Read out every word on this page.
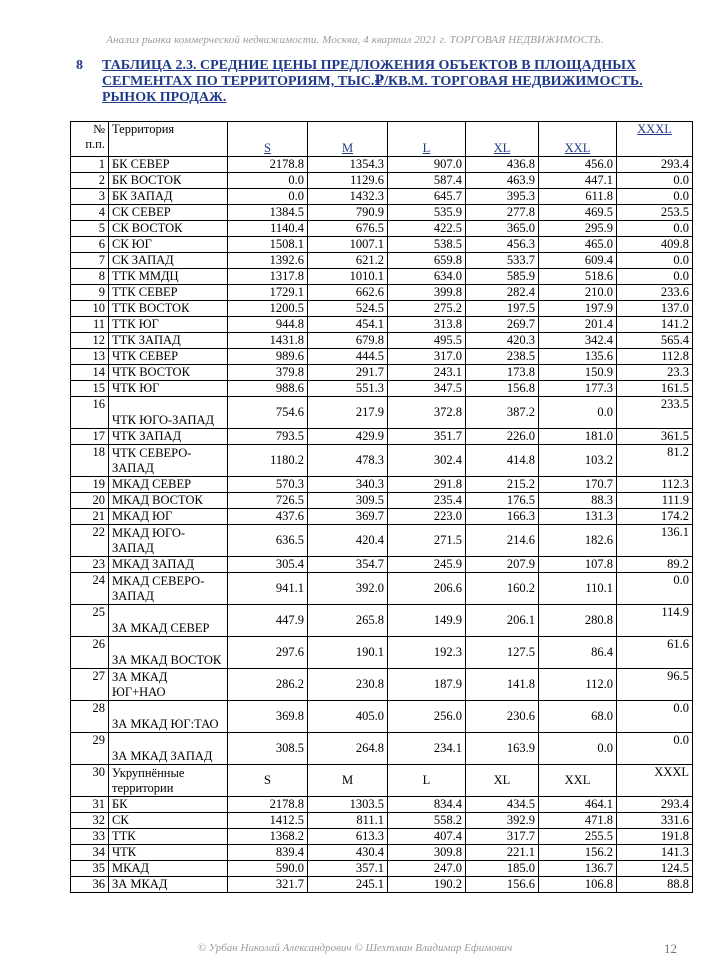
Анализ рынка коммерческой недвижимости. Москва, 4 квартал 2021 г. ТОРГОВАЯ НЕДВИЖИМОСТЬ.
8 ТАБЛИЦА 2.3. СРЕДНИЕ ЦЕНЫ ПРЕДЛОЖЕНИЯ ОБЪЕКТОВ В ПЛОЩАДНЫХ СЕГМЕНТАХ ПО ТЕРРИТОРИЯМ, ТЫС.₽/КВ.М. ТОРГОВАЯ НЕДВИЖИМОСТЬ. РЫНОК ПРОДАЖ.
№ п.п.	Территория	S	M	L	XL	XXL	XXXL
1	БК СЕВЕР	2178.8	1354.3	907.0	436.8	456.0	293.4
2	БК ВОСТОК	0.0	1129.6	587.4	463.9	447.1	0.0
3	БК ЗАПАД	0.0	1432.3	645.7	395.3	611.8	0.0
4	СК СЕВЕР	1384.5	790.9	535.9	277.8	469.5	253.5
5	СК ВОСТОК	1140.4	676.5	422.5	365.0	295.9	0.0
6	СК ЮГ	1508.1	1007.1	538.5	456.3	465.0	409.8
7	СК ЗАПАД	1392.6	621.2	659.8	533.7	609.4	0.0
8	ТТК ММДЦ	1317.8	1010.1	634.0	585.9	518.6	0.0
9	ТТК СЕВЕР	1729.1	662.6	399.8	282.4	210.0	233.6
10	ТТК ВОСТОК	1200.5	524.5	275.2	197.5	197.9	137.0
11	ТТК ЮГ	944.8	454.1	313.8	269.7	201.4	141.2
12	ТТК ЗАПАД	1431.8	679.8	495.5	420.3	342.4	565.4
13	ЧТК СЕВЕР	989.6	444.5	317.0	238.5	135.6	112.8
14	ЧТК ВОСТОК	379.8	291.7	243.1	173.8	150.9	23.3
15	ЧТК ЮГ	988.6	551.3	347.5	156.8	177.3	161.5
16	ЧТК ЮГО-ЗАПАД	754.6	217.9	372.8	387.2	0.0	233.5
17	ЧТК ЗАПАД	793.5	429.9	351.7	226.0	181.0	361.5
18	ЧТК СЕВЕРО-ЗАПАД	1180.2	478.3	302.4	414.8	103.2	81.2
19	МКАД СЕВЕР	570.3	340.3	291.8	215.2	170.7	112.3
20	МКАД ВОСТОК	726.5	309.5	235.4	176.5	88.3	111.9
21	МКАД ЮГ	437.6	369.7	223.0	166.3	131.3	174.2
22	МКАД ЮГО-ЗАПАД	636.5	420.4	271.5	214.6	182.6	136.1
23	МКАД ЗАПАД	305.4	354.7	245.9	207.9	107.8	89.2
24	МКАД СЕВЕРО-ЗАПАД	941.1	392.0	206.6	160.2	110.1	0.0
25	ЗА МКАД СЕВЕР	447.9	265.8	149.9	206.1	280.8	114.9
26	ЗА МКАД ВОСТОК	297.6	190.1	192.3	127.5	86.4	61.6
27	ЗА МКАД ЮГ+НАО	286.2	230.8	187.9	141.8	112.0	96.5
28	ЗА МКАД ЮГ:ТАО	369.8	405.0	256.0	230.6	68.0	0.0
29	ЗА МКАД ЗАПАД	308.5	264.8	234.1	163.9	0.0	0.0
30	Укрупнённые территории	S	M	L	XL	XXL	XXXL
31	БК	2178.8	1303.5	834.4	434.5	464.1	293.4
32	СК	1412.5	811.1	558.2	392.9	471.8	331.6
33	ТТК	1368.2	613.3	407.4	317.7	255.5	191.8
34	ЧТК	839.4	430.4	309.8	221.1	156.2	141.3
35	МКАД	590.0	357.1	247.0	185.0	136.7	124.5
36	ЗА МКАД	321.7	245.1	190.2	156.6	106.8	88.8
© Урбан Николай Александрович © Шехтман Владимир Ефимович	12
